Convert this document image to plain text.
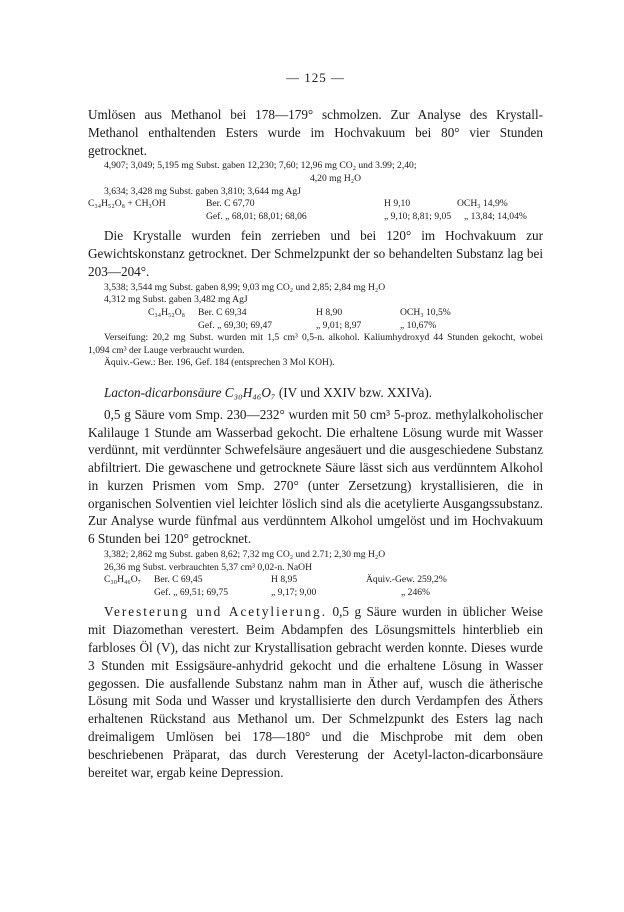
— 125 —

Umlösen aus Methanol bei 178—179° schmolzen. Zur Analyse des Krystall-Methanol enthaltenden Esters wurde im Hochvakuum bei 80° vier Stunden getrocknet.

4,907; 3,049; 5,195 mg Subst. gaben 12,230; 7,60; 12,96 mg CO₂ und 3.99; 2,40;

4,20 mg H₂O

3,634; 3,428 mg Subst. gaben 3,810; 3,644 mg AgJ

C₃₄H₅₂O₈ + CH₃OH	Ber. C 67,70	H 9,10	OCH₃ 14,9%
Gef. „ 68,01; 68,01; 68,06	„ 9,10; 8,81; 9,05	„ 13,84; 14,04%

Die Krystalle wurden fein zerrieben und bei 120° im Hochvakuum zur Gewichtskonstanz getrocknet. Der Schmelzpunkt der so behandelten Substanz lag bei 203—204°.

3,538; 3,544 mg Subst. gaben 8,99; 9,03 mg CO₂ und 2,85; 2,84 mg H₂O

4,312 mg Subst. gaben 3,482 mg AgJ

C₃₄H₅₂O₈	Ber. C 69,34	H 8,90	OCH₃ 10,5%
Gef. „ 69,30; 69,47	„ 9,01; 8,97	„ 10,67%

Verseifung: 20,2 mg Subst. wurden mit 1,5 cm³ 0,5-n. alkohol. Kaliumhydroxyd 44 Stunden gekocht, wobei 1,094 cm³ der Lauge verbraucht wurden.

Äquiv.-Gew.: Ber. 196, Gef. 184 (entsprechen 3 Mol KOH).

Lacton-dicarbonsäure C₃₀H₄₆O₇ (IV und XXIV bzw. XXIVa).

0,5 g Säure vom Smp. 230—232° wurden mit 50 cm³ 5-proz. methylalkoholischer Kalilauge 1 Stunde am Wasserbad gekocht. Die erhaltene Lösung wurde mit Wasser verdünnt, mit verdünnter Schwefelsäure angesäuert und die ausgeschiedene Substanz abfiltriert. Die gewaschene und getrocknete Säure lässt sich aus verdünntem Alkohol in kurzen Prismen vom Smp. 270° (unter Zersetzung) krystallisieren, die in organischen Solventien viel leichter löslich sind als die acetylierte Ausgangssubstanz. Zur Analyse wurde fünfmal aus verdünntem Alkohol umgelöst und im Hochvakuum 6 Stunden bei 120° getrocknet.

3,382; 2,862 mg Subst. gaben 8,62; 7,32 mg CO₂ und 2.71; 2,30 mg H₂O

26,36 mg Subst. verbrauchten 5,37 cm³ 0,02-n. NaOH

C₃₀H₄₆O₇	Ber. C 69,45	H 8,95	Äquiv.-Gew. 259,2%
Gef. „ 69,51; 69,75	„ 9,17; 9,00	„ 246%

Veresterung und Acetylierung. 0,5 g Säure wurden in üblicher Weise mit Diazomethan verestert. Beim Abdampfen des Lösungsmittels hinterblieb ein farbloses Öl (V), das nicht zur Krystallisation gebracht werden konnte. Dieses wurde 3 Stunden mit Essigsäure-anhydrid gekocht und die erhaltene Lösung in Wasser gegossen. Die ausfallende Substanz nahm man in Äther auf, wusch die ätherische Lösung mit Soda und Wasser und krystallisierte den durch Verdampfen des Äthers erhaltenen Rückstand aus Methanol um. Der Schmelzpunkt des Esters lag nach dreimaligem Umlösen bei 178—180° und die Mischprobe mit dem oben beschriebenen Präparat, das durch Veresterung der Acetyl-lacton-dicarbonsäure bereitet war, ergab keine Depression.
